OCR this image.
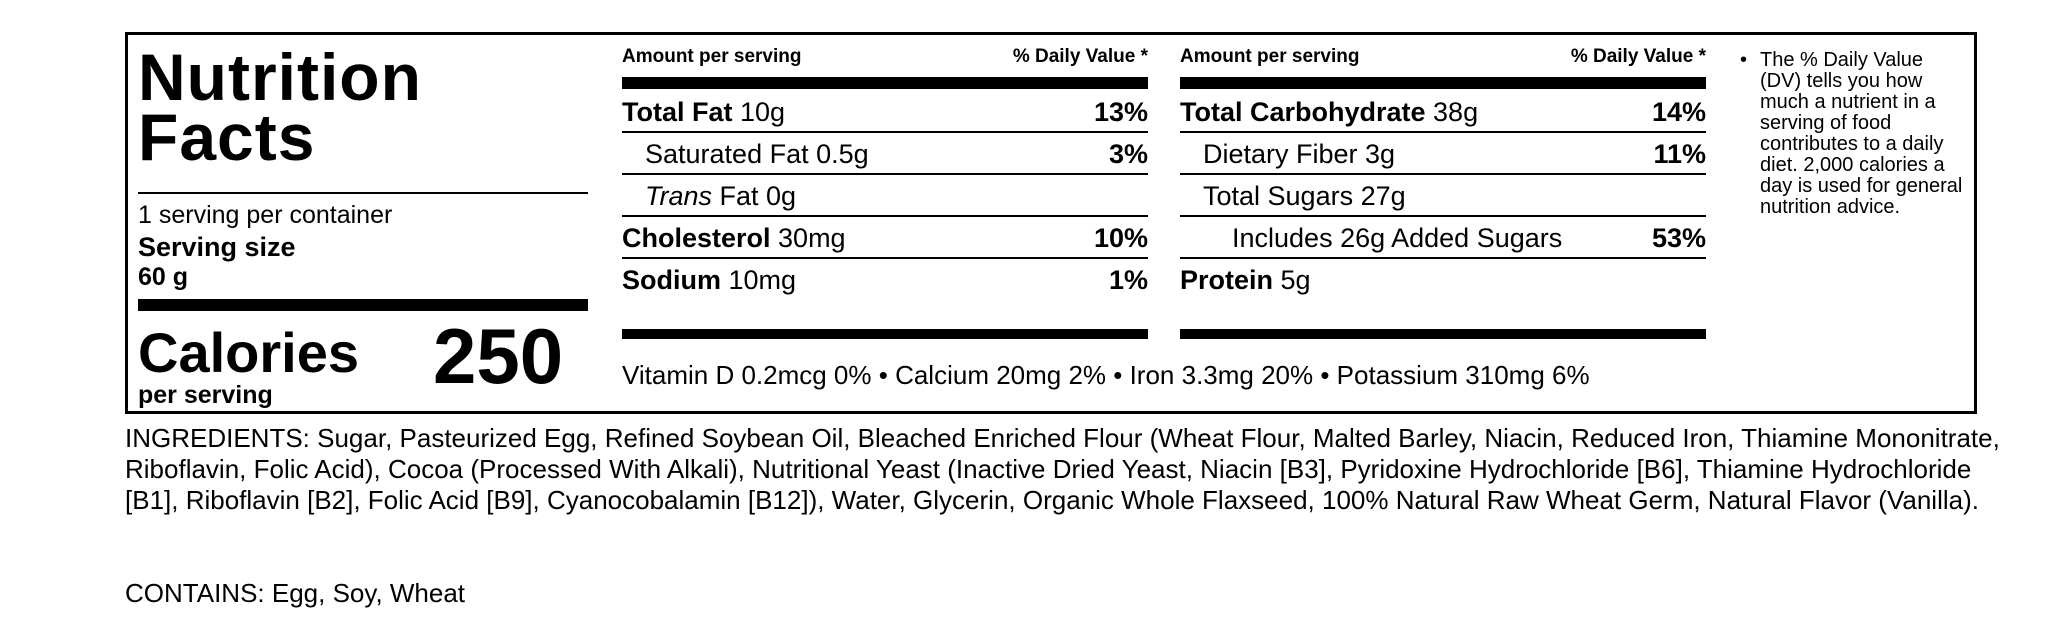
Nutrition
Facts
1 serving per container
Serving size
60 g
Calories 250
per serving
Amount per serving	% Daily Value *
Total Fat 10g	13%
Saturated Fat 0.5g	3%
Trans Fat 0g
Cholesterol 30mg	10%
Sodium 10mg	1%
Amount per serving	% Daily Value *
Total Carbohydrate 38g	14%
Dietary Fiber 3g	11%
Total Sugars 27g
Includes 26g Added Sugars	53%
Protein 5g
Vitamin D 0.2mcg 0% • Calcium 20mg 2% • Iron 3.3mg 20% • Potassium 310mg 6%
• The % Daily Value (DV) tells you how much a nutrient in a serving of food contributes to a daily diet. 2,000 calories a day is used for general nutrition advice.
INGREDIENTS: Sugar, Pasteurized Egg, Refined Soybean Oil, Bleached Enriched Flour (Wheat Flour, Malted Barley, Niacin, Reduced Iron, Thiamine Mononitrate, Riboflavin, Folic Acid), Cocoa (Processed With Alkali), Nutritional Yeast (Inactive Dried Yeast, Niacin [B3], Pyridoxine Hydrochloride [B6], Thiamine Hydrochloride [B1], Riboflavin [B2], Folic Acid [B9], Cyanocobalamin [B12]), Water, Glycerin, Organic Whole Flaxseed, 100% Natural Raw Wheat Germ, Natural Flavor (Vanilla).
CONTAINS: Egg, Soy, Wheat
